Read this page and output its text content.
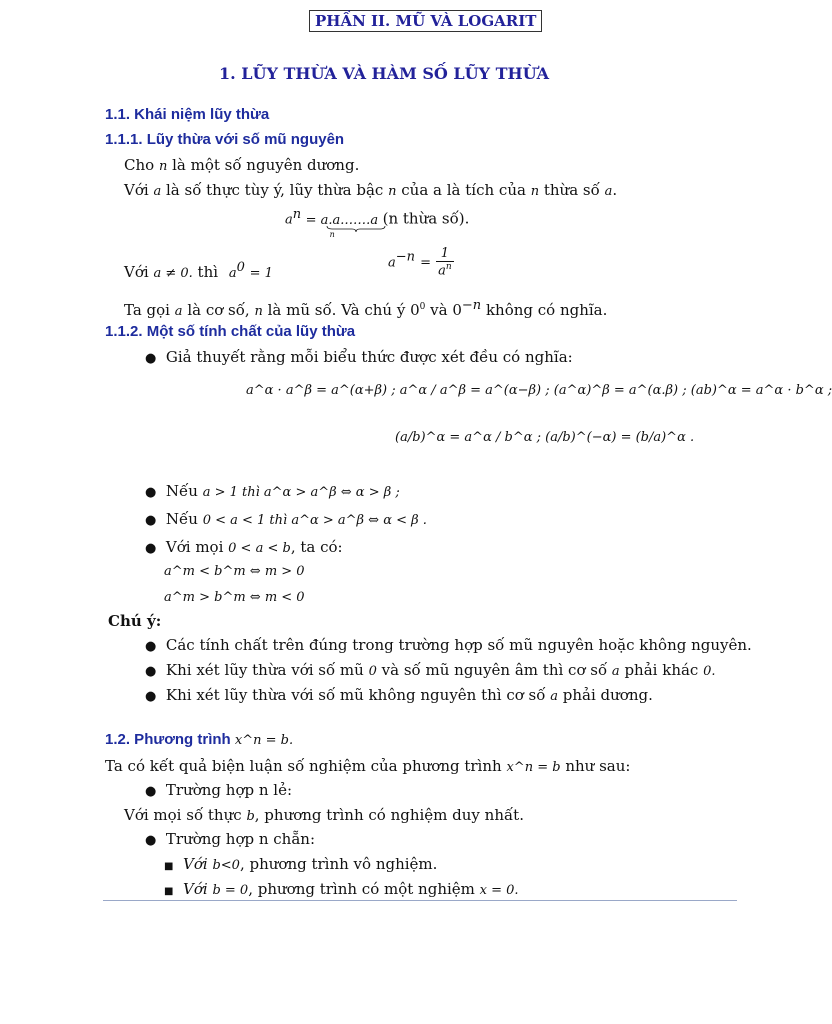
PHẦN II. MŨ VÀ LOGARIT
1. LŨY THỪA VÀ HÀM SỐ LŨY THỪA
1.1. Khái niệm lũy thừa
1.1.1. Lũy thừa với số mũ nguyên
Cho n là một số nguyên dương.
Với a là số thực tùy ý, lũy thừa bậc n của a là tích của n thừa số a.
$a^n$ = a.a.……a
n
(n thừa số).
Với a ≠ 0. thì $a^0 = 1$
$a^{-n} = \frac{1}{a^n}$
Ta gọi a là cơ số, n là mũ số. Và chú ý $0^0$ và $0^{-n}$ không có nghĩa.
1.1.2. Một số tính chất của lũy thừa
● Giả thuyết rằng mỗi biểu thức được xét đều có nghĩa:
a^α · a^β = a^(α+β) ; a^α / a^β = a^(α−β) ; (a^α)^β = a^(α.β) ; (ab)^α = a^α · b^α ;
(a/b)^α = a^α / b^α ; (a/b)^(−α) = (b/a)^α .
● Nếu a > 1 thì a^α > a^β ⇔ α > β ;
● Nếu 0 < a < 1 thì a^α > a^β ⇔ α < β .
● Với mọi 0 < a < b, ta có:
a^m < b^m ⇔ m > 0
a^m > b^m ⇔ m < 0
Chú ý:
● Các tính chất trên đúng trong trường hợp số mũ nguyên hoặc không nguyên.
● Khi xét lũy thừa với số mũ 0 và số mũ nguyên âm thì cơ số a phải khác 0.
● Khi xét lũy thừa với số mũ không nguyên thì cơ số a phải dương.
1.2. Phương trình x^n = b.
Ta có kết quả biện luận số nghiệm của phương trình x^n = b như sau:
● Trường hợp n lẻ:
Với mọi số thực b, phương trình có nghiệm duy nhất.
● Trường hợp n chẵn:
■ Với b<0, phương trình vô nghiệm.
■ Với b = 0, phương trình có một nghiệm x = 0.
